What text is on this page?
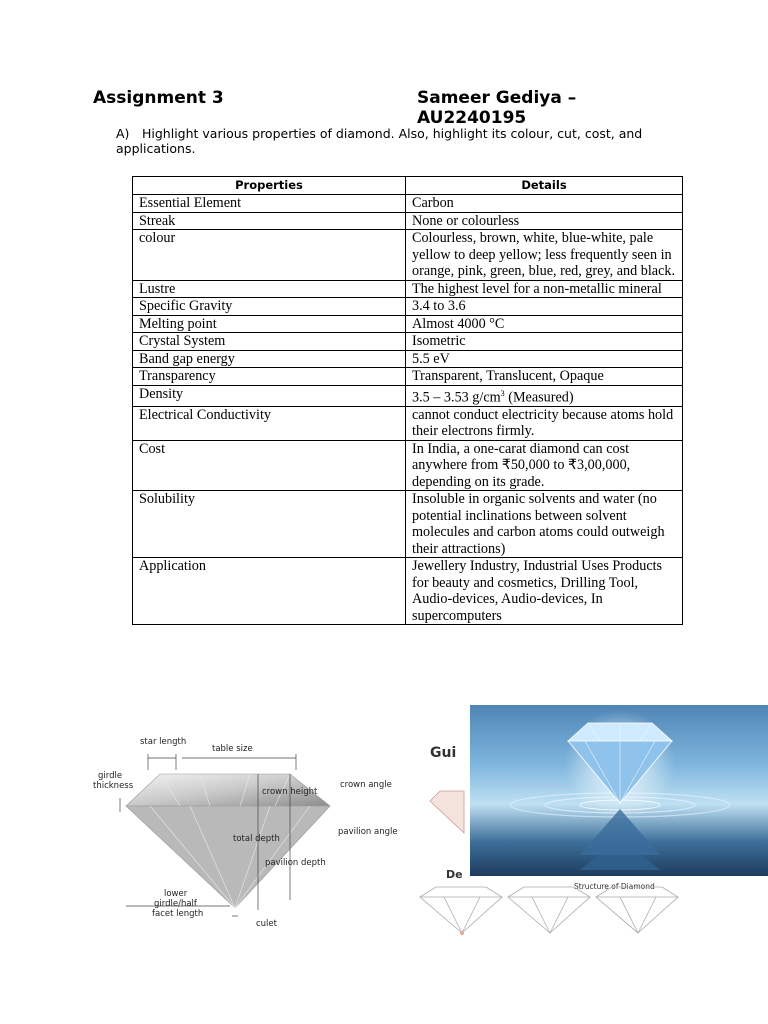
Assignment 3	Sameer Gediya – AU2240195
A) Highlight various properties of diamond. Also, highlight its colour, cut, cost, and applications.
Properties	Details
Essential Element	Carbon
Streak	None or colourless
colour	Colourless, brown, white, blue-white, pale yellow to deep yellow; less frequently seen in orange, pink, green, blue, red, grey, and black.
Lustre	The highest level for a non-metallic mineral
Specific Gravity	3.4 to 3.6
Melting point	Almost 4000 °C
Crystal System	Isometric
Band gap energy	5.5 eV
Transparency	Transparent, Translucent, Opaque
Density	3.5 – 3.53 $g/cm^3$ (Measured)
Electrical Conductivity	cannot conduct electricity because atoms hold their electrons firmly.
Cost	In India, a one-carat diamond can cost anywhere from ₹50,000 to ₹3,00,000, depending on its grade.
Solubility	Insoluble in organic solvents and water (no potential inclinations between solvent molecules and carbon atoms could outweigh their attractions)
Application	Jewellery Industry, Industrial Uses Products for beauty and cosmetics, Drilling Tool, Audio-devices, Audio-devices, In supercomputers
star length
table size
girdle
thickness
crown height
crown angle
pavilion angle
total depth
pavilion depth
lower
girdle/half
facet length
culet
Gui
De
Structure of Diamond
